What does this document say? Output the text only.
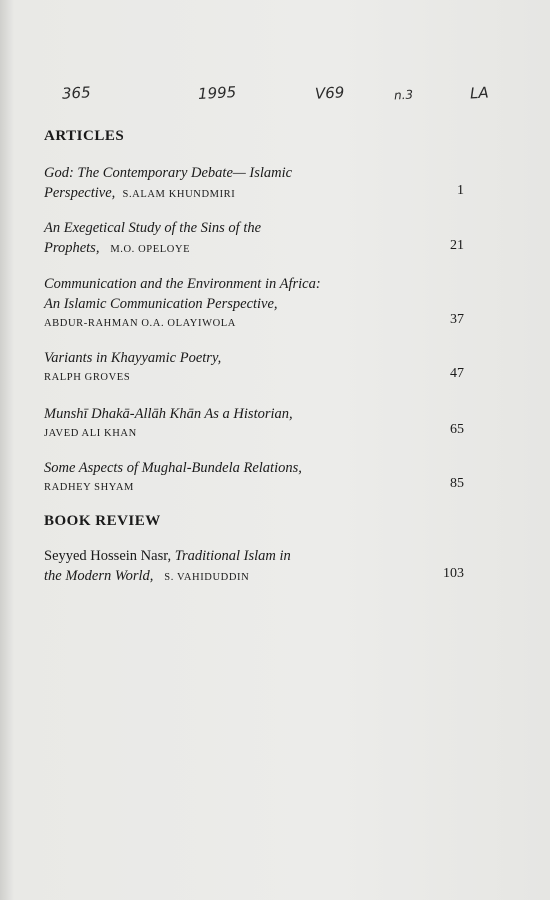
365	1995	V69	n.3	LA
ARTICLES
God: The Contemporary Debate— Islamic
Perspective, S.ALAM KHUNDMIRI	1
An Exegetical Study of the Sins of the
Prophets, M.O. OPELOYE	21
Communication and the Environment in Africa:
An Islamic Communication Perspective,
ABDUR-RAHMAN O.A. OLAYIWOLA	37
Variants in Khayyamic Poetry,
RALPH GROVES	47
Munshī Dhakā-Allāh Khān As a Historian,
JAVED ALI KHAN	65
Some Aspects of Mughal-Bundela Relations,
RADHEY SHYAM	85
BOOK REVIEW
Seyyed Hossein Nasr, Traditional Islam in
the Modern World, S. VAHIDUDDIN	103
